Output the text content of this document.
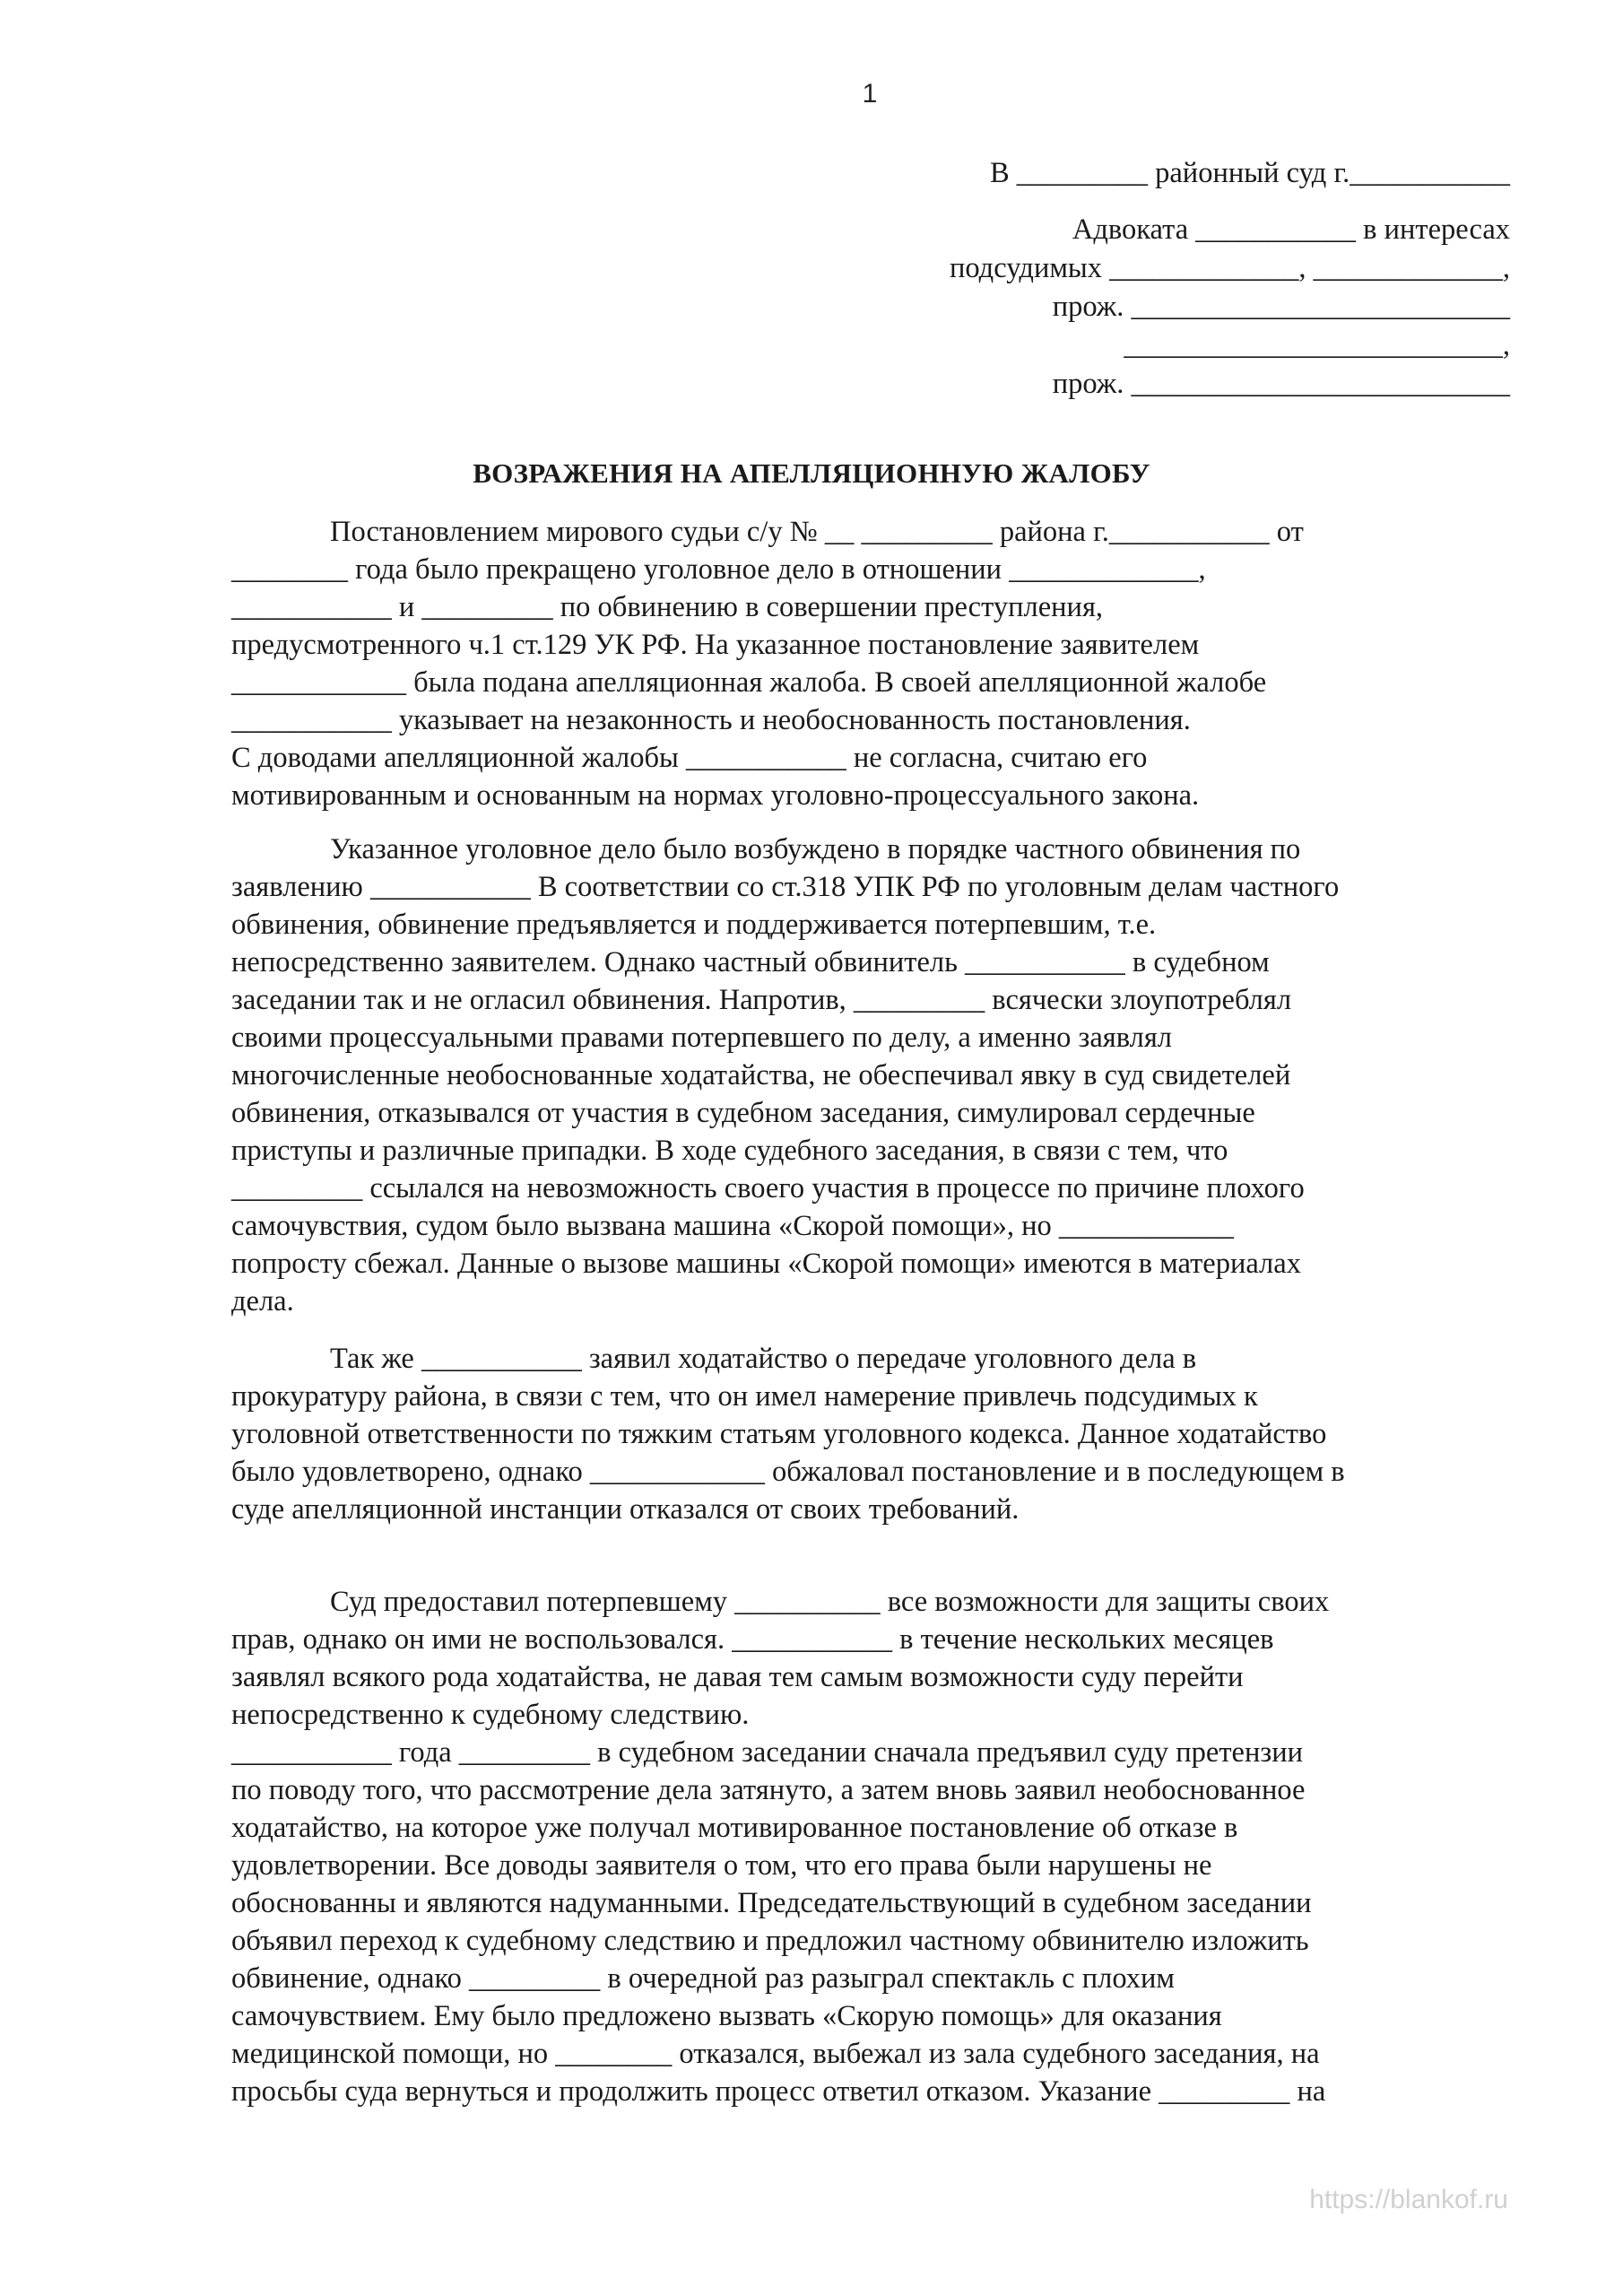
1
В _________ районный суд г.___________
Адвоката ___________ в интересах
подсудимых _____________, _____________,
прож. __________________________
__________________________,
прож. __________________________
ВОЗРАЖЕНИЯ НА АПЕЛЛЯЦИОННУЮ ЖАЛОБУ
Постановлением мирового судьи с/у № __ _________ района г.___________ от
________ года было прекращено уголовное дело в отношении _____________,
___________ и _________ по обвинению в совершении преступления,
предусмотренного ч.1 ст.129 УК РФ. На указанное постановление заявителем
____________ была подана апелляционная жалоба. В своей апелляционной жалобе
___________ указывает на незаконность и необоснованность постановления.
С доводами апелляционной жалобы ___________ не согласна, считаю его
мотивированным и основанным на нормах уголовно-процессуального закона.
Указанное уголовное дело было возбуждено в порядке частного обвинения по
заявлению ___________ В соответствии со ст.318 УПК РФ по уголовным делам частного
обвинения, обвинение предъявляется и поддерживается потерпевшим, т.е.
непосредственно заявителем. Однако частный обвинитель ___________ в судебном
заседании так и не огласил обвинения. Напротив, _________ всячески злоупотреблял
своими процессуальными правами потерпевшего по делу, а именно заявлял
многочисленные необоснованные ходатайства, не обеспечивал явку в суд свидетелей
обвинения, отказывался от участия в судебном заседания, симулировал сердечные
приступы и различные припадки. В ходе судебного заседания, в связи с тем, что
_________ ссылался на невозможность своего участия в процессе по причине плохого
самочувствия, судом было вызвана машина «Скорой помощи», но ____________
попросту сбежал. Данные о вызове машины «Скорой помощи» имеются в материалах
дела.
Так же ___________ заявил ходатайство о передаче уголовного дела в
прокуратуру района, в связи с тем, что он имел намерение привлечь подсудимых к
уголовной ответственности по тяжким статьям уголовного кодекса. Данное ходатайство
было удовлетворено, однако ____________ обжаловал постановление и в последующем в
суде апелляционной инстанции отказался от своих требований.
Суд предоставил потерпевшему __________ все возможности для защиты своих
прав, однако он ими не воспользовался. ___________ в течение нескольких месяцев
заявлял всякого рода ходатайства, не давая тем самым возможности суду перейти
непосредственно к судебному следствию.
___________ года _________ в судебном заседании сначала предъявил суду претензии
по поводу того, что рассмотрение дела затянуто, а затем вновь заявил необоснованное
ходатайство, на которое уже получал мотивированное постановление об отказе в
удовлетворении. Все доводы заявителя о том, что его права были нарушены не
обоснованны и являются надуманными. Председательствующий в судебном заседании
объявил переход к судебному следствию и предложил частному обвинителю изложить
обвинение, однако _________ в очередной раз разыграл спектакль с плохим
самочувствием. Ему было предложено вызвать «Скорую помощь» для оказания
медицинской помощи, но ________ отказался, выбежал из зала судебного заседания, на
просьбы суда вернуться и продолжить процесс ответил отказом. Указание _________ на
https://blankof.ru
